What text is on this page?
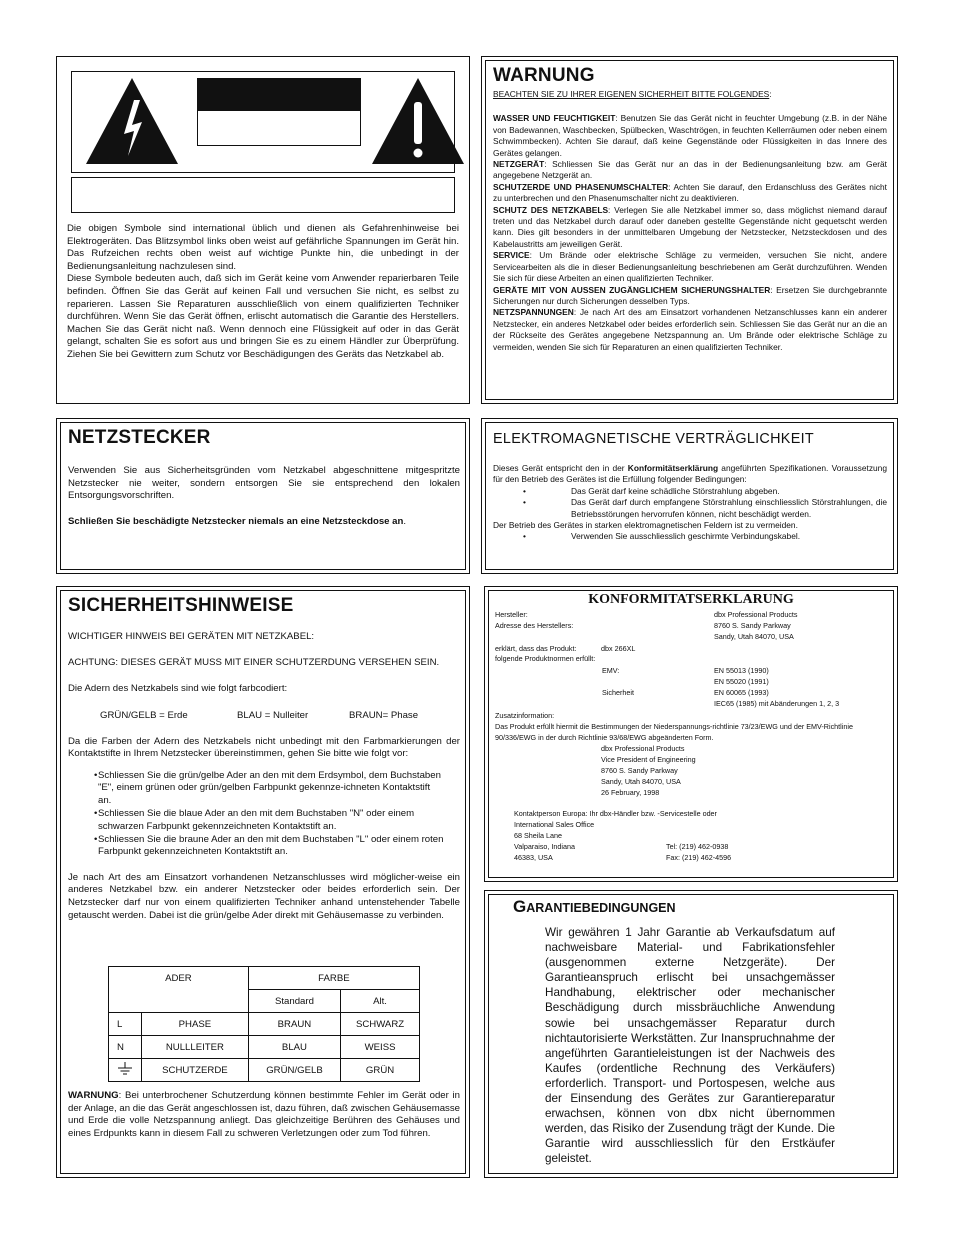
Die obigen Symbole sind international üblich und dienen als Gefahrenhinweise bei Elektrogeräten. Das Blitzsymbol links oben weist auf gefährliche Spannungen im Gerät hin. Das Rufzeichen rechts oben weist auf wichtige Punkte hin, die unbedingt in der Bedienungsanleitung nachzulesen sind.

Diese Symbole bedeuten auch, daß sich im Gerät keine vom Anwender reparierbaren Teile befinden. Öffnen Sie das Gerät auf keinen Fall und versuchen Sie nicht, es selbst zu reparieren. Lassen Sie Reparaturen ausschließlich von einem qualifizierten Techniker durchführen. Wenn Sie das Gerät öffnen, erlischt automatisch die Garantie des Herstellers. Machen Sie das Gerät nicht naß. Wenn dennoch eine Flüssigkeit auf oder in das Gerät gelangt, schalten Sie es sofort aus und bringen Sie es zu einem Händler zur Überprüfung. Ziehen Sie bei Gewittern zum Schutz vor Beschädigungen des Geräts das Netzkabel ab.

WARNUNG

BEACHTEN SIE ZU IHRER EIGENEN SICHERHEIT BITTE FOLGENDES:

WASSER UND FEUCHTIGKEIT: Benutzen Sie das Gerät nicht in feuchter Umgebung (z.B. in der Nähe von Badewannen, Waschbecken, Spülbecken, Waschtrögen, in feuchten Kellerräumen oder neben einem Schwimmbecken). Achten Sie darauf, daß keine Gegenstände oder Flüssigkeiten in das Innere des Gerätes gelangen.

NETZGERÄT: Schliessen Sie das Gerät nur an das in der Bedienungsanleitung bzw. am Gerät angegebene Netzgerät an.

SCHUTZERDE UND PHASENUMSCHALTER: Achten Sie darauf, den Erdanschluss des Gerätes nicht zu unterbrechen und den Phasenumschalter nicht zu deaktivieren.

SCHUTZ DES NETZKABELS: Verlegen Sie alle Netzkabel immer so, dass möglichst niemand darauf treten und das Netzkabel durch darauf oder daneben gestellte Gegenstände nicht gequetscht werden kann. Dies gilt besonders in der unmittelbaren Umgebung der Netzstecker, Netzsteckdosen und des Kabelaustritts am jeweiligen Gerät.

SERVICE: Um Brände oder elektrische Schläge zu vermeiden, versuchen Sie nicht, andere Servicearbeiten als die in dieser Bedienungsanleitung beschriebenen am Gerät durchzuführen. Wenden Sie sich für diese Arbeiten an einen qualifizierten Techniker.

GERÄTE MIT VON AUSSEN ZUGÄNGLICHEM SICHERUNGSHALTER: Ersetzen Sie durchgebrannte Sicherungen nur durch Sicherungen desselben Typs.

NETZSPANNUNGEN: Je nach Art des am Einsatzort vorhandenen Netzanschlusses kann ein anderer Netzstecker, ein anderes Netzkabel oder beides erforderlich sein. Schliessen Sie das Gerät nur an die an der Rückseite des Gerätes angegebene Netzspannung an. Um Brände oder elektrische Schläge zu vermeiden, wenden Sie sich für Reparaturen an einen qualifizierten Techniker.

NETZSTECKER

Verwenden Sie aus Sicherheitsgründen vom Netzkabel abgeschnittene mitgespritzte Netzstecker nie weiter, sondern entsorgen Sie sie entsprechend den lokalen Entsorgungsvorschriften.

Schließen Sie beschädigte Netzstecker niemals an eine Netzsteckdose an.

ELEKTROMAGNETISCHE VERTRÄGLICHKEIT

Dieses Gerät entspricht den in der Konformitätserklärung angeführten Spezifikationen. Voraussetzung für den Betrieb des Gerätes ist die Erfüllung folgender Bedingungen:

•	Das Gerät darf keine schädliche Störstrahlung abgeben.
•	Das Gerät darf durch empfangene Störstrahlung einschliesslich Störstrahlungen, die Betriebsstörungen hervorrufen können, nicht beschädigt werden.

Der Betrieb des Gerätes in starken elektromagnetischen Feldern ist zu vermeiden.

•	Verwenden Sie ausschliesslich geschirmte Verbindungskabel.

SICHERHEITSHINWEISE

WICHTIGER HINWEIS BEI GERÄTEN MIT NETZKABEL:

ACHTUNG: DIESES GERÄT MUSS MIT EINER SCHUTZERDUNG VERSEHEN SEIN.

Die Adern des Netzkabels sind wie folgt farbcodiert:

GRÜN/GELB = Erde	BLAU = Nulleiter	BRAUN= Phase

Da die Farben der Adern des Netzkabels nicht unbedingt mit den Farbmarkierungen der Kontaktstifte in Ihrem Netzstecker übereinstimmen, gehen Sie bitte wie folgt vor:

• Schliessen Sie die grün/gelbe Ader an den mit dem Erdsymbol, dem Buchstaben "E", einem grünen oder grün/gelben Farbpunkt gekennze-ichneten Kontaktstift an.
• Schliessen Sie die blaue Ader an den mit dem Buchstaben "N" oder einem schwarzen Farbpunkt gekennzeichneten Kontaktstift an.
• Schliessen Sie die braune Ader an den mit dem Buchstaben "L" oder einem roten Farbpunkt gekennzeichneten Kontaktstift an.

Je nach Art des am Einsatzort vorhandenen Netzanschlusses wird möglicher-weise ein anderes Netzkabel bzw. ein anderer Netzstecker oder beides erforderlich sein. Der Netzstecker darf nur von einem qualifizierten Techniker anhand untenstehender Tabelle getauscht werden. Dabei ist die grün/gelbe Ader direkt mit Gehäusemasse zu verbinden.

ADER		FARBE	
		Standard	Alt.
L	PHASE	BRAUN	SCHWARZ
N	NULLLEITER	BLAU	WEISS
	SCHUTZERDE	GRÜN/GELB	GRÜN

WARNUNG: Bei unterbrochener Schutzerdung können bestimmte Fehler im Gerät oder in der Anlage, an die das Gerät angeschlossen ist, dazu führen, daß zwischen Gehäusemasse und Erde die volle Netzspannung anliegt. Das gleichzeitige Berühren des Gehäuses und eines Erdpunkts kann in diesem Fall zu schweren Verletzungen oder zum Tod führen.

KONFORMITATSERKLARUNG

Hersteller:	dbx Professional Products
Adresse des Herstellers:	8760 S. Sandy Parkway
Sandy, Utah 84070, USA
erklärt, dass das Produkt:	dbx 266XL
folgende Produktnormen erfüllt:
EMV:	EN 55013 (1990)
EN 55020 (1991)
Sicherheit	EN 60065 (1993)
IEC65 (1985) mit Abänderungen 1, 2, 3
Zusatzinformation:
Das Produkt erfüllt hiermit die Bestimmungen der Niederspannungs-richtlinie 73/23/EWG und der EMV-Richtlinie
90/336/EWG in der durch Richtlinie 93/68/EWG abgeänderten Form.
dbx Professional Products
Vice President of Engineering
8760 S. Sandy Parkway
Sandy, Utah 84070, USA
26 February, 1998
Kontaktperson Europa: Ihr dbx-Händler bzw. -Servicestelle oder
International Sales Office
68 Sheila Lane
Valparaiso, Indiana	Tel: (219) 462-0938
46383, USA	Fax: (219) 462-4596

GARANTIEBEDINGUNGEN

Wir gewähren 1 Jahr Garantie ab Verkaufsdatum auf nachweisbare Material- und Fabrikationsfehler (ausgenommen externe Netzgeräte). Der Garantieanspruch erlischt bei unsachgemässer Handhabung, elektrischer oder mechanischer Beschädigung durch missbräuchliche Anwendung sowie bei unsachgemässer Reparatur durch nichtautorisierte Werkstätten. Zur Inanspruchnahme der angeführten Garantieleistungen ist der Nachweis des Kaufes (ordentliche Rechnung des Verkäufers) erforderlich. Transport- und Portospesen, welche aus der Einsendung des Gerätes zur Garantiereparatur erwachsen, können von dbx nicht übernommen werden, das Risiko der Zusendung trägt der Kunde. Die Garantie wird ausschliesslich für den Erstkäufer geleistet.
